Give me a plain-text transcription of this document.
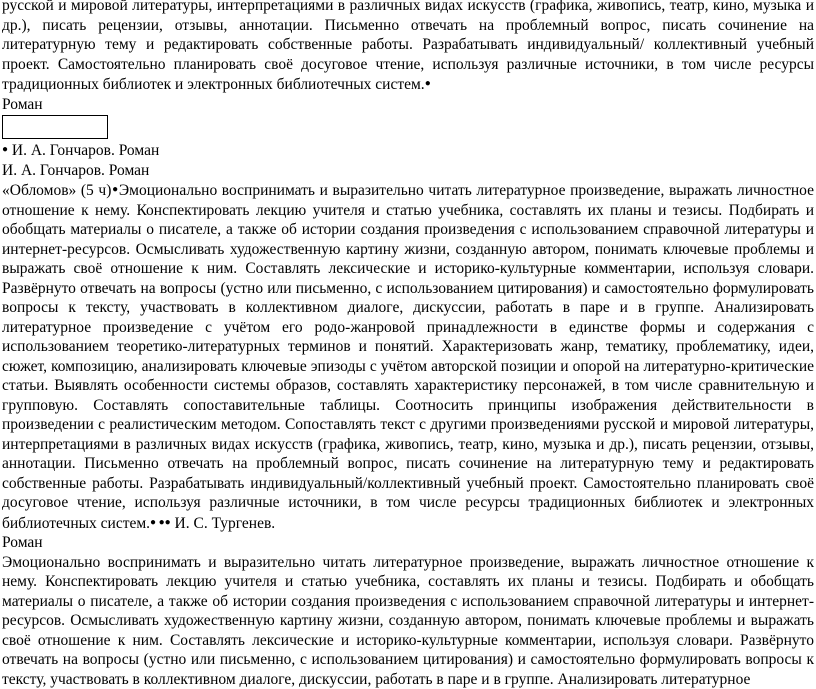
русской и мировой литературы, интерпретациями в различных видах искусств (графика, живопись, театр, кино, музыка и др.), писать рецензии, отзывы, аннотации. Письменно отвечать на проблемный вопрос, писать сочинение на литературную тему и редактировать собственные работы. Разрабатывать индивидуальный/ коллективный учебный проект. Самостоятельно планировать своё досуговое чтение, используя различные источники, в том числе ресурсы традиционных библиотек и электронных библиотечных систем.●

Роман

● И. А. Гончаров. Роман

И. А. Гончаров. Роман

«Обломов» (5 ч)●Эмоционально воспринимать и выразительно читать литературное произведение, выражать личностное отношение к нему. Конспектировать лекцию учителя и статью учебника, составлять их планы и тезисы. Подбирать и обобщать материалы о писателе, а также об истории создания произведения с использованием справочной литературы и интернет-ресурсов. Осмысливать художественную картину жизни, созданную автором, понимать ключевые проблемы и выражать своё отношение к ним. Составлять лексические и историко-культурные комментарии, используя словари. Развёрнуто отвечать на вопросы (устно или письменно, с использованием цитирования) и самостоятельно формулировать вопросы к тексту, участвовать в коллективном диалоге, дискуссии, работать в паре и в группе. Анализировать литературное произведение с учётом его родо-жанровой принадлежности в единстве формы и содержания с использованием теоретико-литературных терминов и понятий. Характеризовать жанр, тематику, проблематику, идеи, сюжет, композицию, анализировать ключевые эпизоды с учётом авторской позиции и опорой на литературно-критические статьи. Выявлять особенности системы образов, составлять характеристику персонажей, в том числе сравнительную и групповую. Составлять сопоставительные таблицы. Соотносить принципы изображения действительности в произведении с реалистическим методом. Сопоставлять текст с другими произведениями русской и мировой литературы, интерпретациями в различных видах искусств (графика, живопись, театр, кино, музыка и др.), писать рецензии, отзывы, аннотации. Письменно отвечать на проблемный вопрос, писать сочинение на литературную тему и редактировать собственные работы. Разрабатывать индивидуальный/коллективный учебный проект. Самостоятельно планировать своё досуговое чтение, используя различные источники, в том числе ресурсы традиционных библиотек и электронных библиотечных систем.● ●● И. С. Тургенев.

Роман

Эмоционально воспринимать и выразительно читать литературное произведение, выражать личностное отношение к нему. Конспектировать лекцию учителя и статью учебника, составлять их планы и тезисы. Подбирать и обобщать материалы о писателе, а также об истории создания произведения с использованием справочной литературы и интернет-ресурсов. Осмысливать художественную картину жизни, созданную автором, понимать ключевые проблемы и выражать своё отношение к ним. Составлять лексические и историко-культурные комментарии, используя словари. Развёрнуто отвечать на вопросы (устно или письменно, с использованием цитирования) и самостоятельно формулировать вопросы к тексту, участвовать в коллективном диалоге, дискуссии, работать в паре и в группе. Анализировать литературное
